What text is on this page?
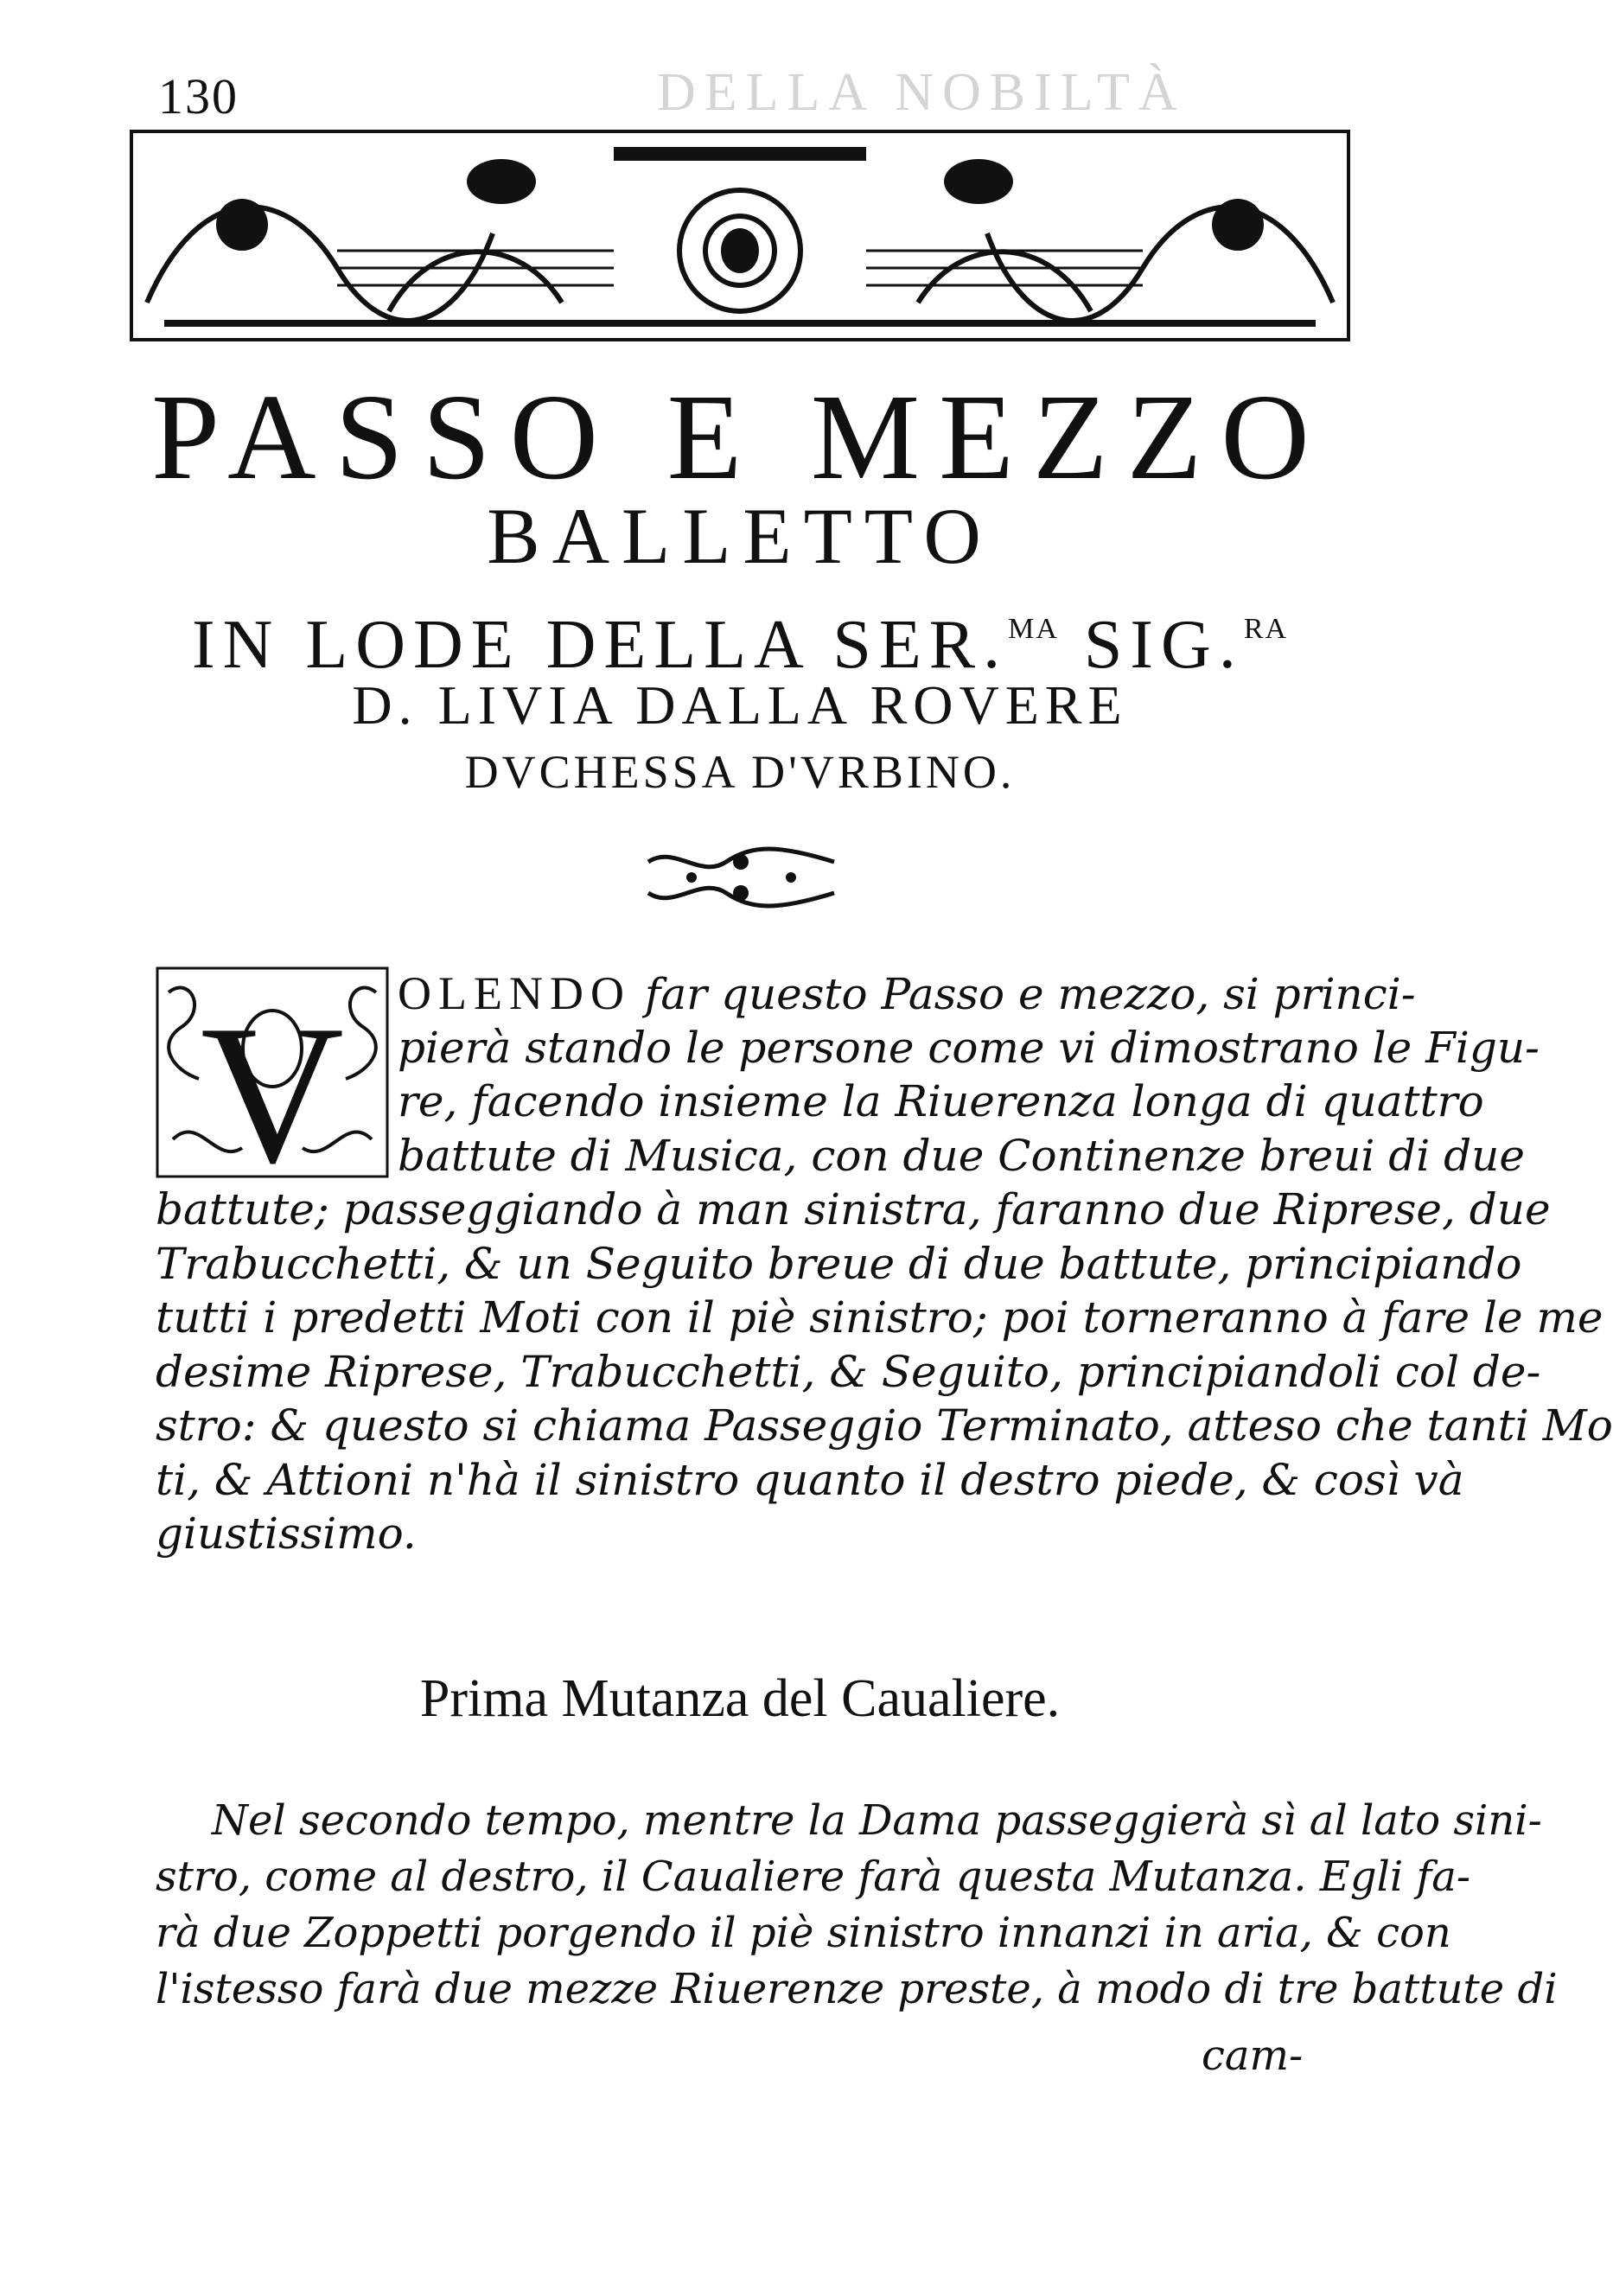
130	DELLA NOBILTÀ
PASSO E MEZZO
BALLETTO
IN LODE DELLA SER.$^{MA}$ SIG.$^{RA}$
D. LIVIA DALLA ROVERE
DVCHESSA D'VRBINO.
V	OLENDO far questo Passo e mezzo, si princi-
pierà stando le persone come vi dimostrano le Figu-
re, facendo insieme la Riuerenza longa di quattro
battute di Musica, con due Continenze breui di due
battute; passeggiando à man sinistra, faranno due Riprese, due
Trabucchetti, & un Seguito breue di due battute, principiando
tutti i predetti Moti con il piè sinistro; poi torneranno à fare le me
desime Riprese, Trabucchetti, & Seguito, principiandoli col de-
stro: & questo si chiama Passeggio Terminato, atteso che tanti Mo
ti, & Attioni n'hà il sinistro quanto il destro piede, & così và
giustissimo.
Prima Mutanza del Caualiere.
Nel secondo tempo, mentre la Dama passeggierà sì al lato sini-
stro, come al destro, il Caualiere farà questa Mutanza. Egli fa-
rà due Zoppetti porgendo il piè sinistro innanzi in aria, & con
l'istesso farà due mezze Riuerenze preste, à modo di tre battute di
cam-
